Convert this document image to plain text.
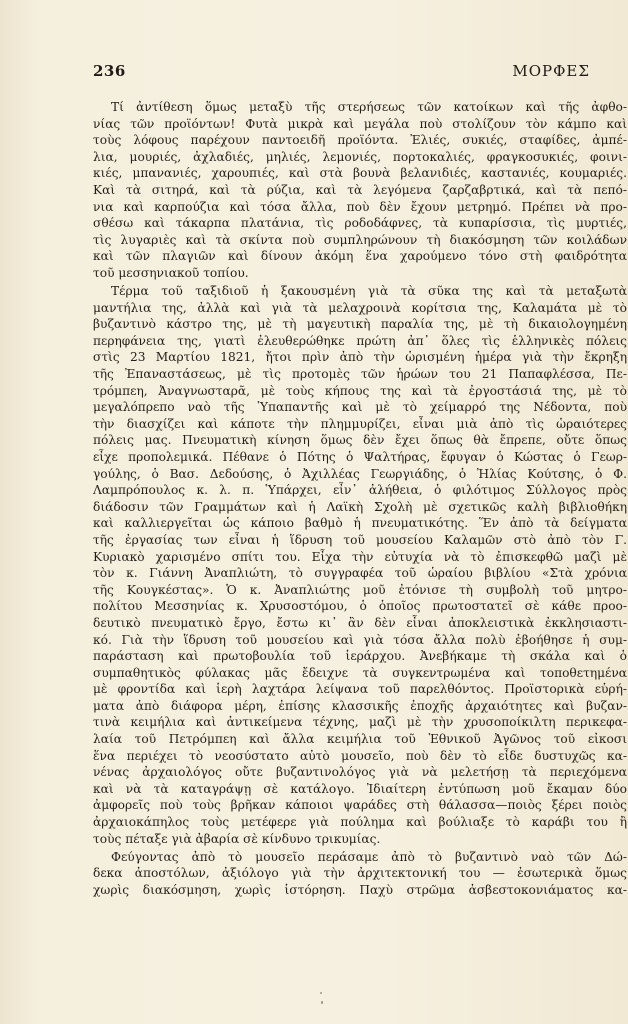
236	ΜΟΡΦΕΣ
Τί ἀντίθεση ὅμως μεταξὺ τῆς στερήσεως τῶν κατοίκων καὶ τῆς ἀφθο-
νίας τῶν προϊόντων! Φυτὰ μικρὰ καὶ μεγάλα ποὺ στολίζουν τὸν κάμπο καὶ
τοὺς λόφους παρέχουν παντοειδῆ προϊόντα. Ἐλιές, συκιές, σταφίδες, ἀμπέ-
λια, μουριές, ἀχλαδιές, μηλιές, λεμονιές, πορτοκαλιές, φραγκοσυκιές, φοινι-
κιές, μπανανιές, χαρουπιές, καὶ στὰ βουνὰ βελανιδιές, καστανιές, κουμαριές.
Καὶ τὰ σιτηρά, καὶ τὰ ρύζια, καὶ τὰ λεγόμενα ζαρζαβρτικά, καὶ τὰ πεπό-
νια καὶ καρπούζια καὶ τόσα ἄλλα, ποὺ δὲν ἔχουν μετρημό. Πρέπει νὰ προ-
σθέσω καὶ τάκαρπα πλατάνια, τὶς ροδοδάφνες, τὰ κυπαρίσσια, τὶς μυρτιές,
τὶς λυγαριὲς καὶ τὰ σκίντα ποὺ συμπληρώνουν τὴ διακόσμηση τῶν κοιλάδων
καὶ τῶν πλαγιῶν καὶ δίνουν ἀκόμη ἕνα χαρούμενο τόνο στὴ φαιδρότητα
τοῦ μεσσηνιακοῦ τοπίου.
Τέρμα τοῦ ταξιδιοῦ ἡ ξακουσμένη γιὰ τὰ σῦκα της καὶ τὰ μεταξωτὰ
μαντήλια της, ἀλλὰ καὶ γιὰ τὰ μελαχροινὰ κορίτσια της, Καλαμάτα μὲ τὸ
βυζαντινὸ κάστρο της, μὲ τὴ μαγευτικὴ παραλία της, μὲ τὴ δικαιολογημένη
περηφάνεια της, γιατὶ ἐλευθερώθηκε πρώτη ἀπ᾽ ὅλες τὶς ἑλληνικὲς πόλεις
στὶς 23 Μαρτίου 1821, ἤτοι πρὶν ἀπὸ τὴν ὡρισμένη ἡμέρα γιὰ τὴν ἔκρηξη
τῆς Ἐπαναστάσεως, μὲ τὶς προτομὲς τῶν ἡρώων του 21 Παπαφλέσσα, Πε-
τρόμπεη, Ἀναγνωσταρᾶ, μὲ τοὺς κήπους της καὶ τὰ ἐργοστάσιά της, μὲ τὸ
μεγαλόπρεπο ναὸ τῆς Ὑπαπαντῆς καὶ μὲ τὸ χείμαρρό της Νέδοντα, ποὺ
τὴν διασχίζει καὶ κάποτε τὴν πλημμυρίζει, εἶναι μιὰ ἀπὸ τὶς ὡραιότερες
πόλεις μας. Πνευματικὴ κίνηση ὅμως δὲν ἔχει ὅπως θὰ ἔπρεπε, οὔτε ὅπως
εἶχε προπολεμικά. Πέθανε ὁ Πότης ὁ Ψαλτήρας, ἔφυγαν ὁ Κώστας ὁ Γεωρ-
γούλης, ὁ Βασ. Δεδούσης, ὁ Ἀχιλλέας Γεωργιάδης, ὁ Ἠλίας Κούτσης, ὁ Φ.
Λαμπρόπουλος κ. λ. π. Ὑπάρχει, εἶν᾽ ἀλήθεια, ὁ φιλότιμος Σύλλογος πρὸς
διάδοσιν τῶν Γραμμάτων καὶ ἡ Λαϊκὴ Σχολὴ μὲ σχετικῶς καλὴ βιβλιοθήκη
καὶ καλλιεργεῖται ὡς κάποιο βαθμὸ ἡ πνευματικότης. Ἕν ἀπὸ τὰ δείγματα
τῆς ἐργασίας των εἶναι ἡ ἵδρυση τοῦ μουσείου Καλαμῶν στὸ ἀπὸ τὸν Γ.
Κυριακὸ χαρισμένο σπίτι του. Εἶχα τὴν εὐτυχία νὰ τὸ ἐπισκεφθῶ μαζὶ μὲ
τὸν κ. Γιάννη Ἀναπλιώτη, τὸ συγγραφέα τοῦ ὡραίου βιβλίου «Στὰ χρόνια
τῆς Κουγκέστας». Ὁ κ. Ἀναπλιώτης μοῦ ἐτόνισε τὴ συμβολὴ τοῦ μητρο-
πολίτου Μεσσηνίας κ. Χρυσοστόμου, ὁ ὁποῖος πρωτοστατεῖ σὲ κάθε προο-
δευτικὸ πνευματικὸ ἔργο, ἔστω κι᾽ ἂν δὲν εἶναι ἀποκλειστικὰ ἐκκλησιαστι-
κό. Γιὰ τὴν ἵδρυση τοῦ μουσείου καὶ γιὰ τόσα ἄλλα πολὺ ἐβοήθησε ἡ συμ-
παράσταση καὶ πρωτοβουλία τοῦ ἱεράρχου. Ἀνεβήκαμε τὴ σκάλα καὶ ὁ
συμπαθητικὸς φύλακας μᾶς ἔδειχνε τὰ συγκεντρωμένα καὶ τοποθετημένα
μὲ φροντίδα καὶ ἱερὴ λαχτάρα λείψανα τοῦ παρελθόντος. Προϊστορικὰ εὑρή-
ματα ἀπὸ διάφορα μέρη, ἐπίσης κλασσικῆς ἐποχῆς ἀρχαιότητες καὶ βυζαν-
τινὰ κειμήλια καὶ ἀντικείμενα τέχνης, μαζὶ μὲ τὴν χρυσοποίκιλτη περικεφα-
λαία τοῦ Πετρόμπεη καὶ ἄλλα κειμήλια τοῦ Ἐθνικοῦ Ἀγῶνος τοῦ εἰκοσι
ἕνα περιέχει τὸ νεοσύστατο αὐτὸ μουσεῖο, ποὺ δὲν τὸ εἶδε δυστυχῶς κα-
νένας ἀρχαιολόγος οὔτε βυζαντινολόγος γιὰ νὰ μελετήσῃ τὰ περιεχόμενα
καὶ νὰ τὰ καταγράψῃ σὲ κατάλογο. Ἰδιαίτερη ἐντύπωση μοῦ ἔκαμαν δύο
ἀμφορεῖς ποὺ τοὺς βρῆκαν κάποιοι ψαράδες στὴ θάλασσα—ποιὸς ξέρει ποιὸς
ἀρχαιοκάπηλος τοὺς μετέφερε γιὰ πούλημα καὶ βούλιαξε τὸ καράβι του ἢ
τοὺς πέταξε γιὰ ἀβαρία σὲ κίνδυνο τρικυμίας.
Φεύγοντας ἀπὸ τὸ μουσεῖο περάσαμε ἀπὸ τὸ βυζαντινὸ ναὸ τῶν Δώ-
δεκα ἀποστόλων, ἀξιόλογο γιὰ τὴν ἀρχιτεκτονική του — ἐσωτερικὰ ὅμως
χωρὶς διακόσμηση, χωρὶς ἱστόρηση. Παχὺ στρῶμα ἀσβεστοκονιάματος κα-
